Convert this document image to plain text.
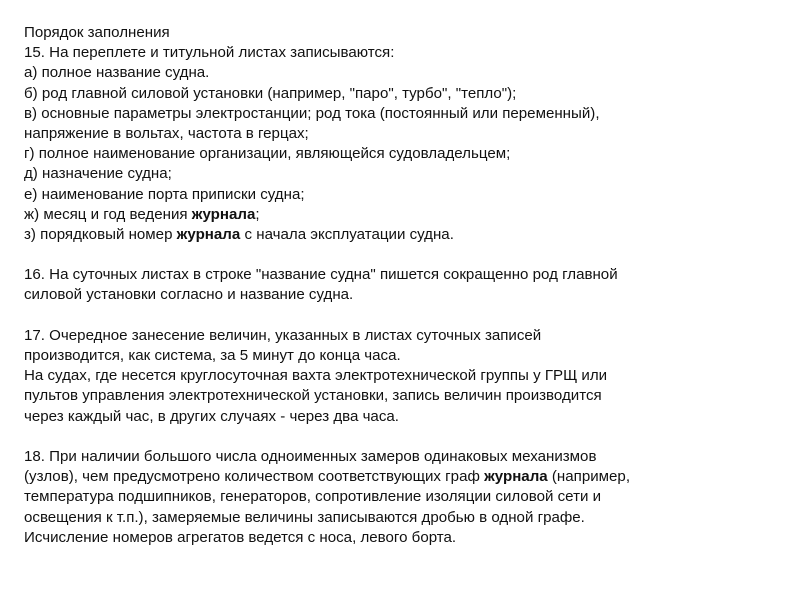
Порядок заполнения
15. На переплете и титульной листах записываются:
а) полное название судна.
б) род главной силовой установки (например, "паро", турбо", "тепло");
в) основные параметры электростанции; род тока (постоянный или переменный),
напряжение в вольтах, частота в герцах;
г) полное наименование организации, являющейся судовладельцем;
д) назначение судна;
е) наименование порта приписки судна;
ж) месяц и год ведения журнала;
з) порядковый номер журнала с начала эксплуатации судна.
16. На суточных листах в строке "название судна" пишется сокращенно род главной
силовой установки согласно и название судна.
17. Очередное занесение величин, указанных в листах суточных записей
производится, как система, за 5 минут до конца часа.
На судах, где несется круглосуточная вахта электротехнической группы у ГРЩ или
пультов управления электротехнической установки, запись величин производится
через каждый час, в других случаях - через два часа.
18. При наличии большого числа одноименных замеров одинаковых механизмов
(узлов), чем предусмотрено количеством соответствующих граф журнала (например,
температура подшипников, генераторов, сопротивление изоляции силовой сети и
освещения к т.п.), замеряемые величины записываются дробью в одной графе.
Исчисление номеров агрегатов ведется с носа, левого борта.
